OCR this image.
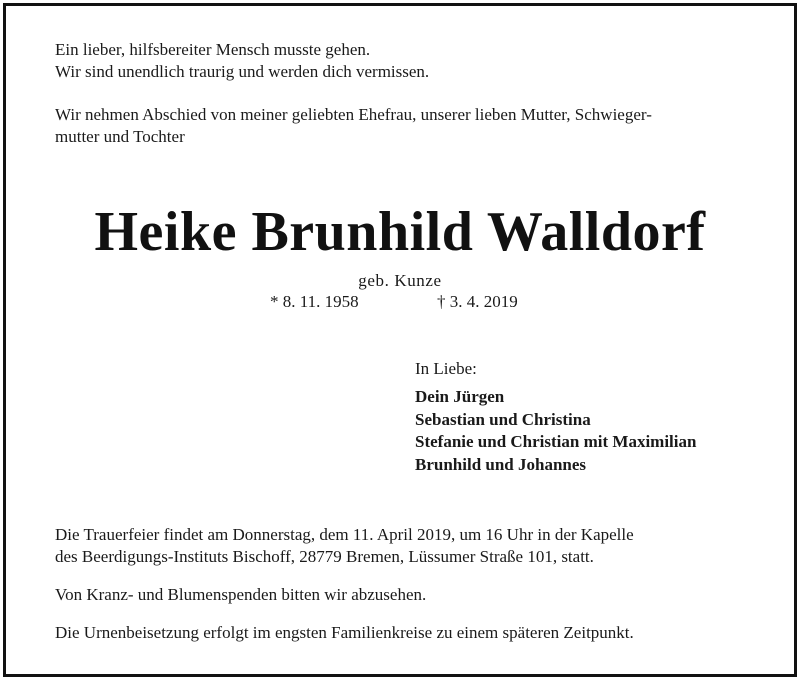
Ein lieber, hilfsbereiter Mensch musste gehen.
Wir sind unendlich traurig und werden dich vermissen.
Wir nehmen Abschied von meiner geliebten Ehefrau, unserer lieben Mutter, Schwieger-
mutter und Tochter
Heike Brunhild Walldorf
geb. Kunze
* 8. 11. 1958	† 3. 4. 2019
In Liebe:
Dein Jürgen
Sebastian und Christina
Stefanie und Christian mit Maximilian
Brunhild und Johannes
Die Trauerfeier findet am Donnerstag, dem 11. April 2019, um 16 Uhr in der Kapelle
des Beerdigungs-Instituts Bischoff, 28779 Bremen, Lüssumer Straße 101, statt.
Von Kranz- und Blumenspenden bitten wir abzusehen.
Die Urnenbeisetzung erfolgt im engsten Familienkreise zu einem späteren Zeitpunkt.
